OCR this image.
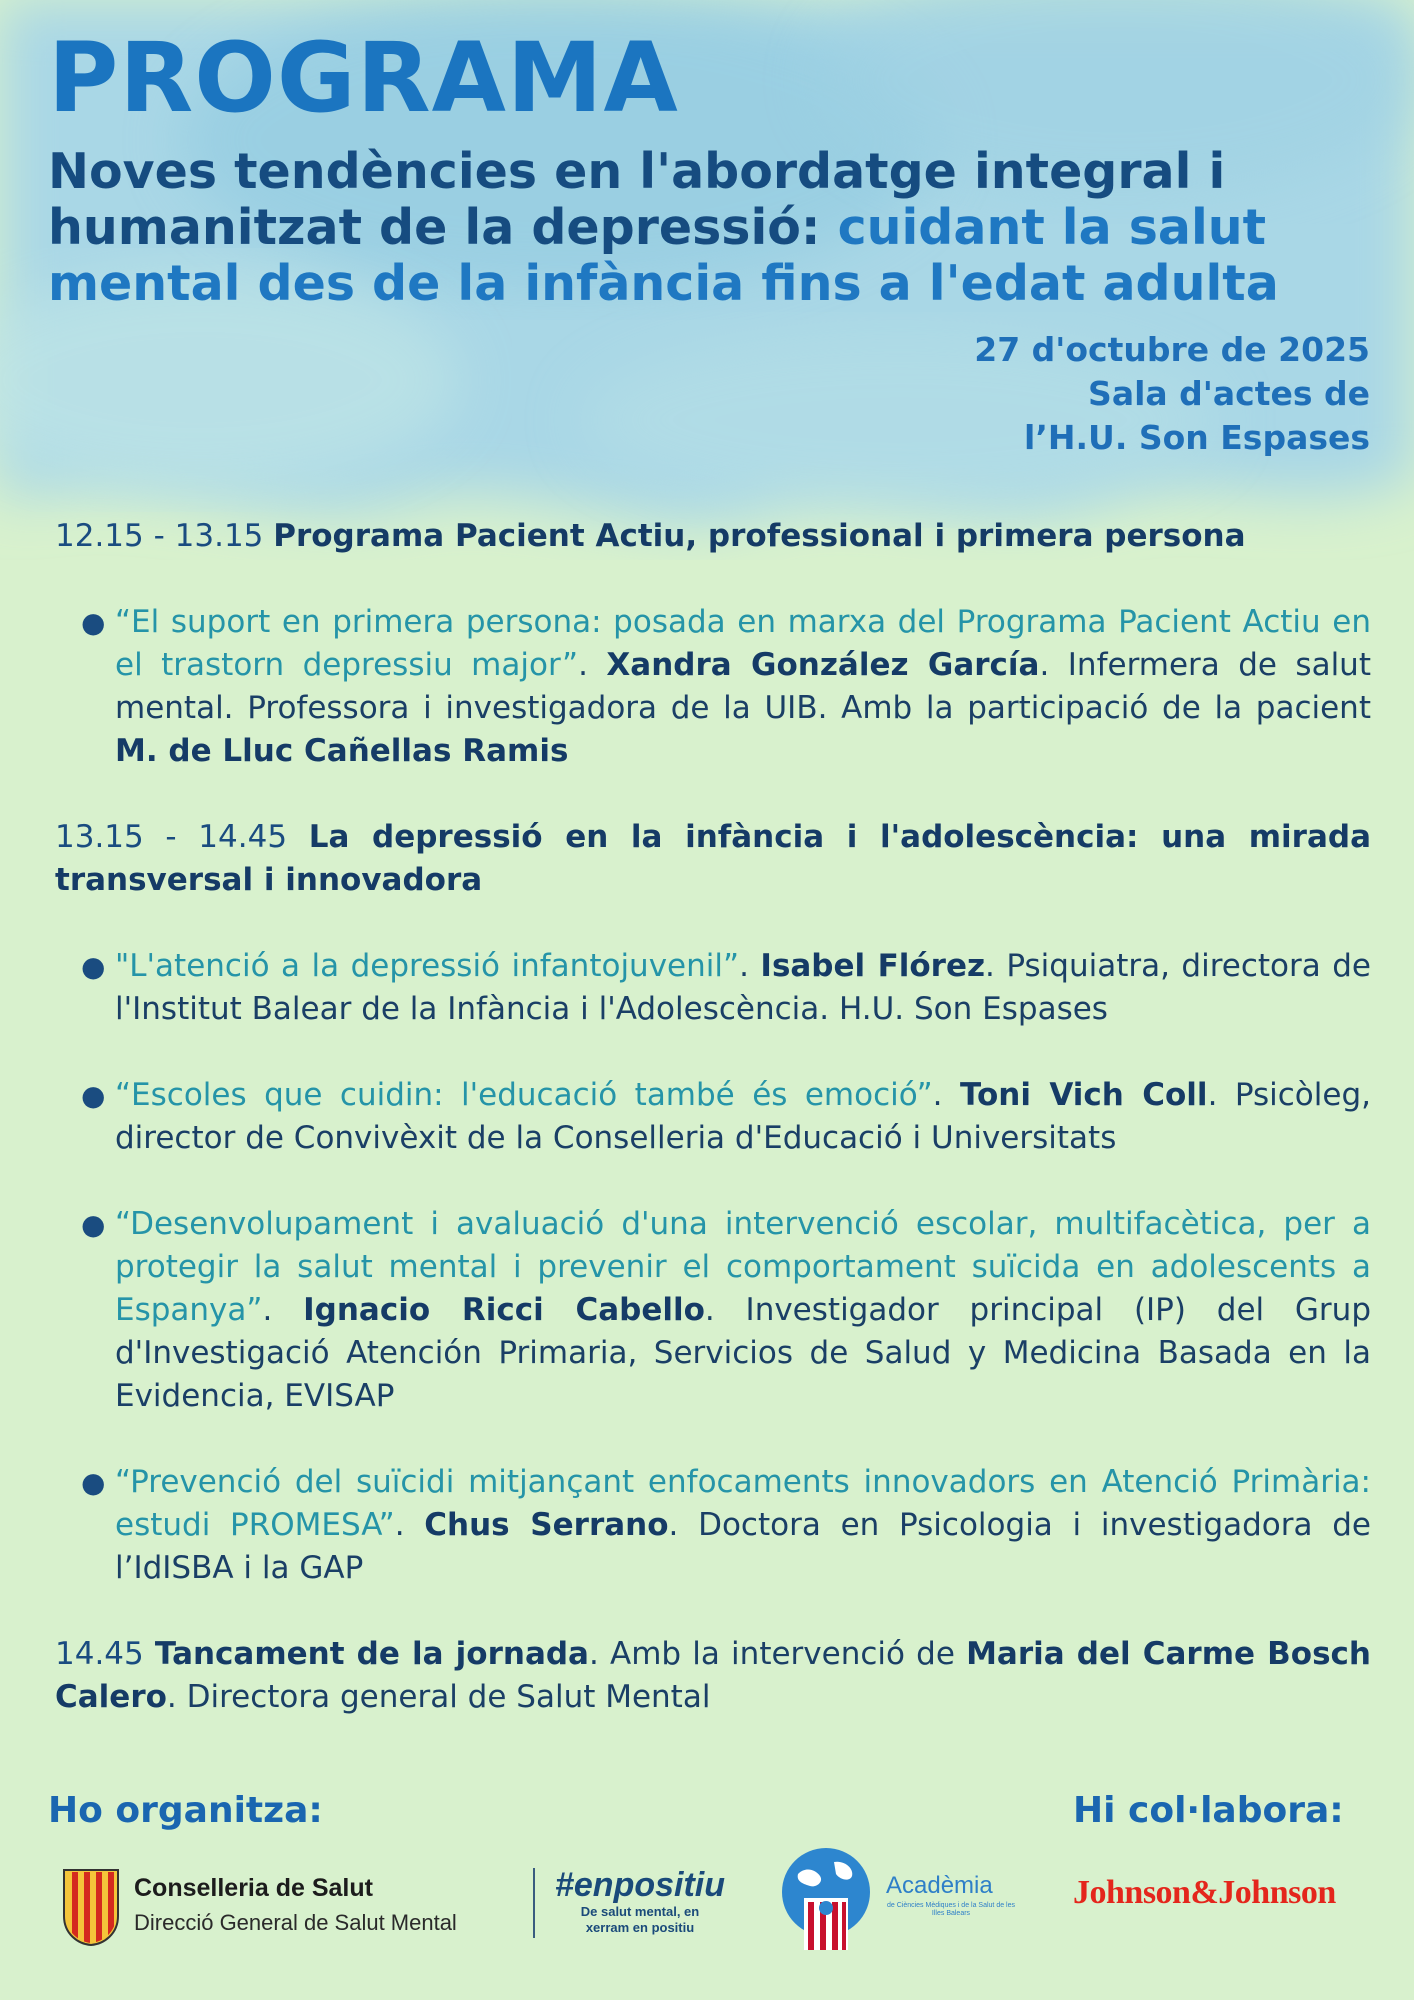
PROGRAMA
Noves tendències en l'abordatge integral i humanitzat de la depressió: cuidant la salut mental des de la infància fins a l'edat adulta
27 d'octubre de 2025
Sala d'actes de
l’H.U. Son Espases

12.15 - 13.15 Programa Pacient Actiu, professional i primera persona

● “El suport en primera persona: posada en marxa del Programa Pacient Actiu en el trastorn depressiu major”. Xandra González García. Infermera de salut mental. Professora i investigadora de la UIB. Amb la participació de la pacient M. de Lluc Cañellas Ramis

13.15 - 14.45 La depressió en la infància i l'adolescència: una mirada transversal i innovadora

● "L'atenció a la depressió infantojuvenil”. Isabel Flórez. Psiquiatra, directora de l'Institut Balear de la Infància i l'Adolescència. H.U. Son Espases
● “Escoles que cuidin: l'educació també és emoció”. Toni Vich Coll. Psicòleg, director de Convivèxit de la Conselleria d'Educació i Universitats
● “Desenvolupament i avaluació d'una intervenció escolar, multifacètica, per a protegir la salut mental i prevenir el comportament suïcida en adolescents a Espanya”. Ignacio Ricci Cabello. Investigador principal (IP) del Grup d'Investigació Atención Primaria, Servicios de Salud y Medicina Basada en la Evidencia, EVISAP
● “Prevenció del suïcidi mitjançant enfocaments innovadors en Atenció Primària: estudi PROMESA”. Chus Serrano. Doctora en Psicologia i investigadora de l’IdISBA i la GAP

14.45 Tancament de la jornada. Amb la intervenció de Maria del Carme Bosch Calero. Directora general de Salut Mental

Ho organitza:	Hi col·labora:
Conselleria de Salut
Direcció General de Salut Mental
#enpositiu
De salut mental, en
xerram en positiu
Acadèmia
de Ciències Mèdiques i de la Salut de les Illes Balears
Johnson&Johnson
